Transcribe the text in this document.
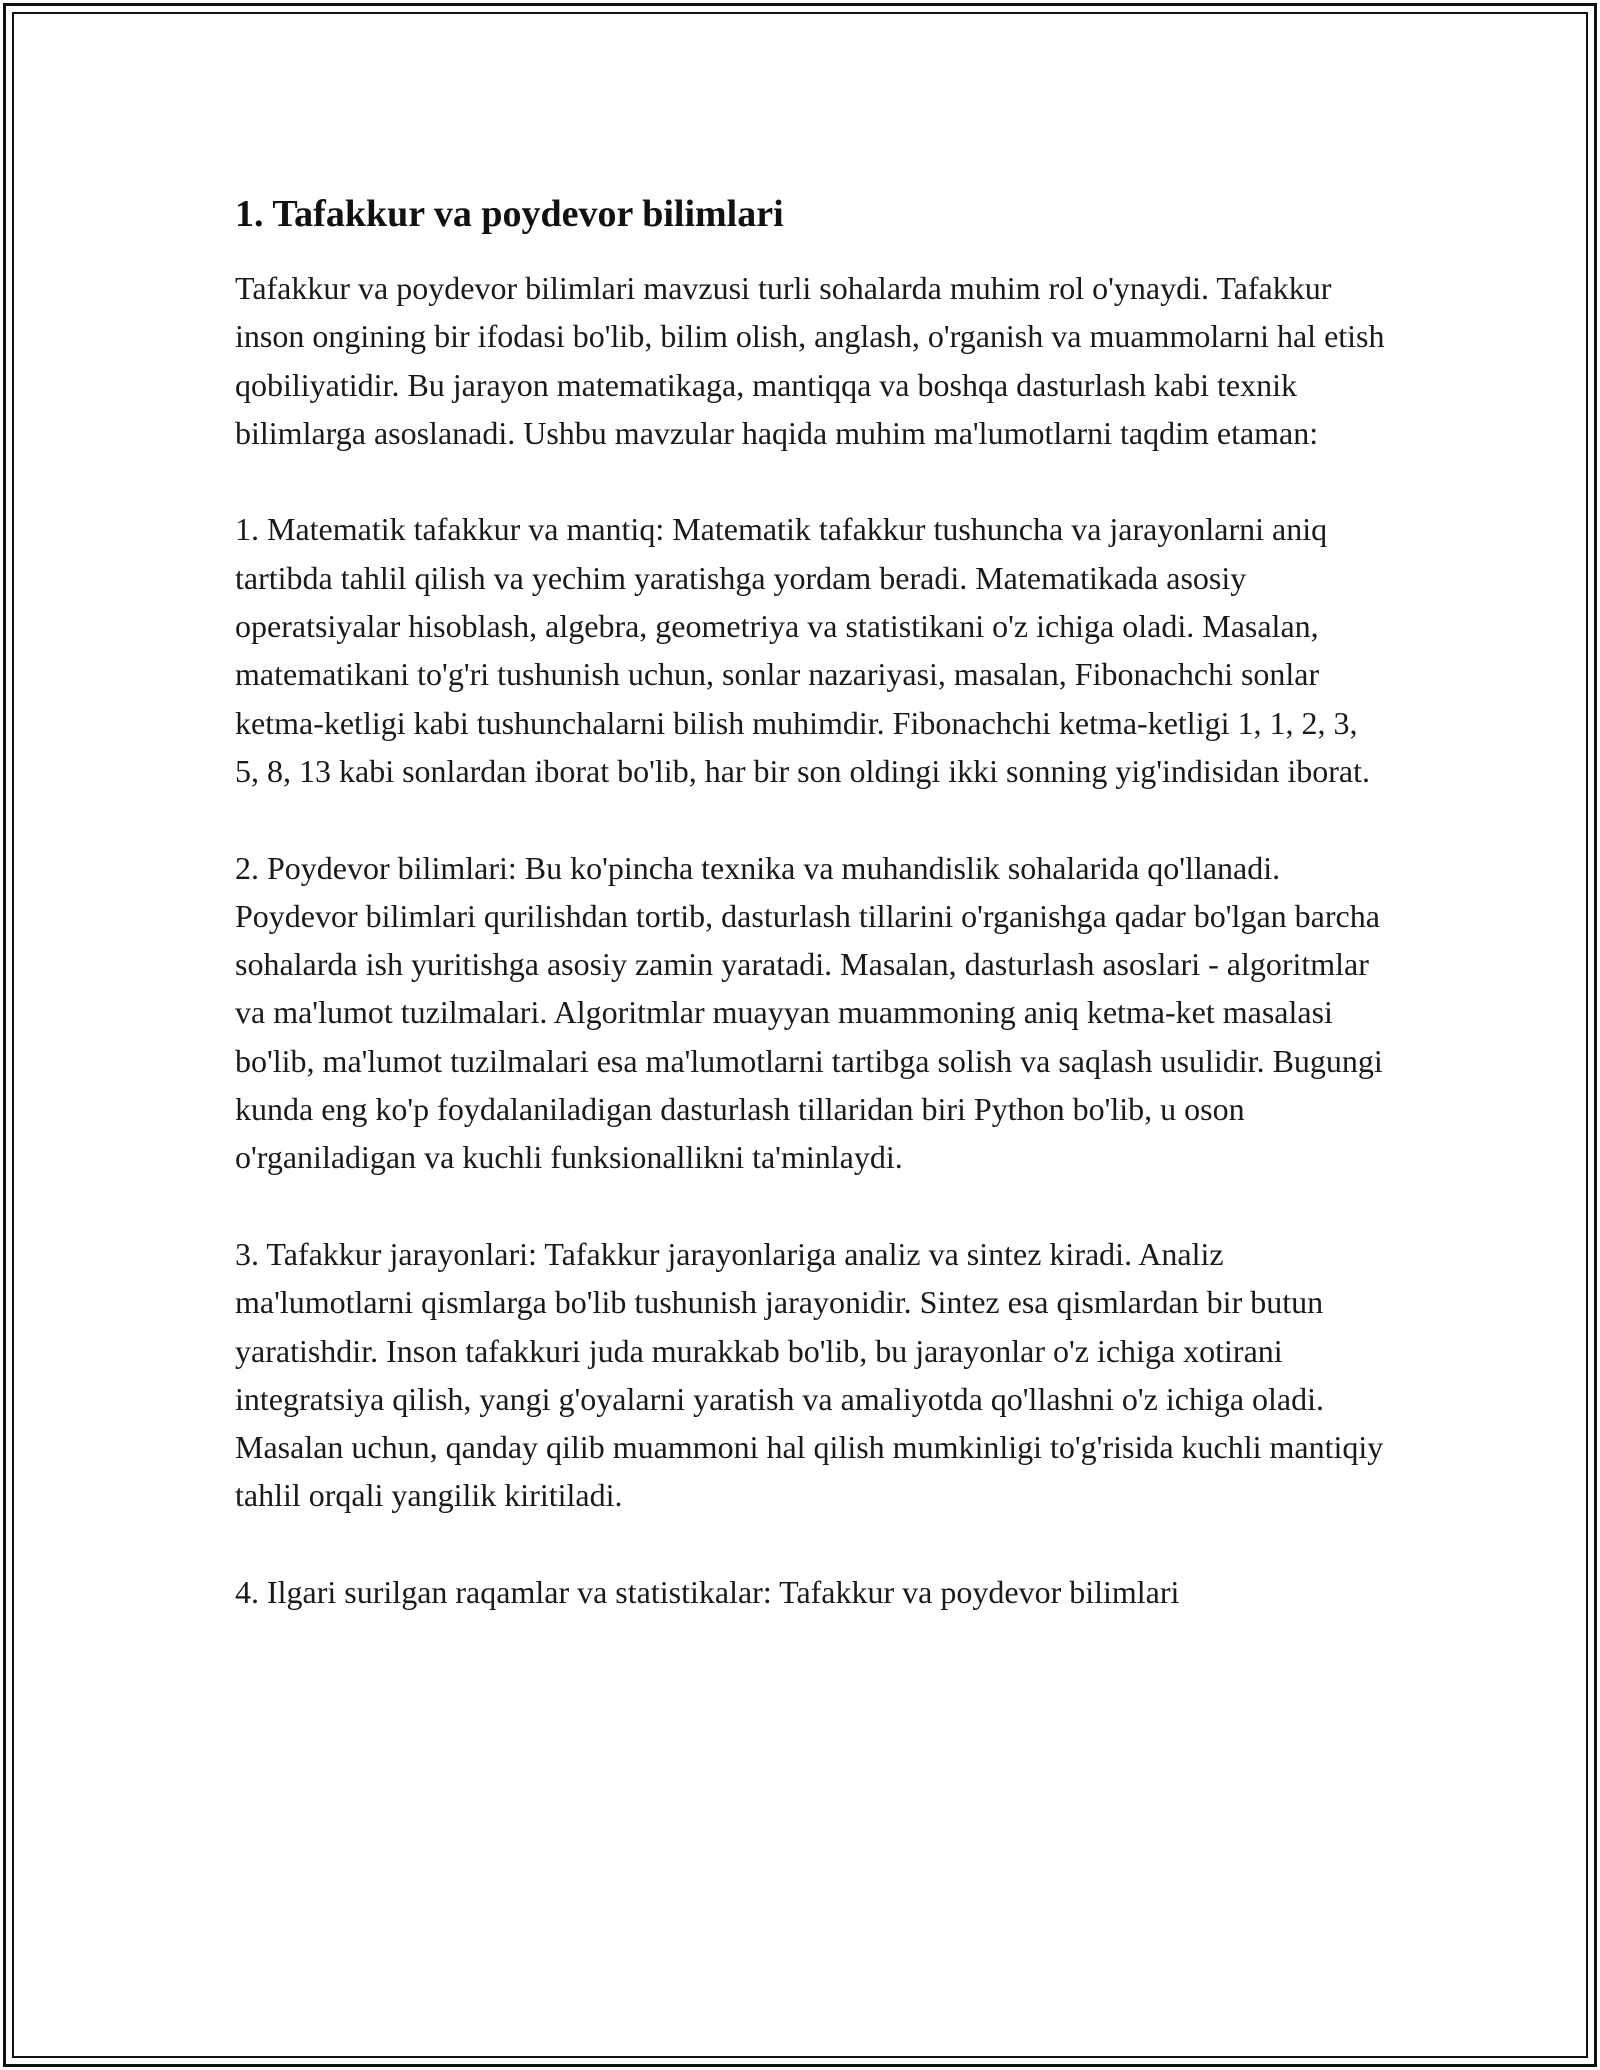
1. Tafakkur va poydevor bilimlari

Tafakkur va poydevor bilimlari mavzusi turli sohalarda muhim rol o'ynaydi. Tafakkur inson ongining bir ifodasi bo'lib, bilim olish, anglash, o'rganish va muammolarni hal etish qobiliyatidir. Bu jarayon matematikaga, mantiqqa va boshqa dasturlash kabi texnik bilimlarga asoslanadi. Ushbu mavzular haqida muhim ma'lumotlarni taqdim etaman:

1. Matematik tafakkur va mantiq: Matematik tafakkur tushuncha va jarayonlarni aniq tartibda tahlil qilish va yechim yaratishga yordam beradi. Matematikada asosiy operatsiyalar hisoblash, algebra, geometriya va statistikani o'z ichiga oladi. Masalan, matematikani to'g'ri tushunish uchun, sonlar nazariyasi, masalan, Fibonachchi sonlar ketma-ketligi kabi tushunchalarni bilish muhimdir. Fibonachchi ketma-ketligi 1, 1, 2, 3, 5, 8, 13 kabi sonlardan iborat bo'lib, har bir son oldingi ikki sonning yig'indisidan iborat.

2. Poydevor bilimlari: Bu ko'pincha texnika va muhandislik sohalarida qo'llanadi. Poydevor bilimlari qurilishdan tortib, dasturlash tillarini o'rganishga qadar bo'lgan barcha sohalarda ish yuritishga asosiy zamin yaratadi. Masalan, dasturlash asoslari - algoritmlar va ma'lumot tuzilmalari. Algoritmlar muayyan muammoning aniq ketma-ket masalasi bo'lib, ma'lumot tuzilmalari esa ma'lumotlarni tartibga solish va saqlash usulidir. Bugungi kunda eng ko'p foydalaniladigan dasturlash tillaridan biri Python bo'lib, u oson o'rganiladigan va kuchli funksionallikni ta'minlaydi.

3. Tafakkur jarayonlari: Tafakkur jarayonlariga analiz va sintez kiradi. Analiz ma'lumotlarni qismlarga bo'lib tushunish jarayonidir. Sintez esa qismlardan bir butun yaratishdir. Inson tafakkuri juda murakkab bo'lib, bu jarayonlar o'z ichiga xotirani integratsiya qilish, yangi g'oyalarni yaratish va amaliyotda qo'llashni o'z ichiga oladi. Masalan uchun, qanday qilib muammoni hal qilish mumkinligi to'g'risida kuchli mantiqiy tahlil orqali yangilik kiritiladi.

4. Ilgari surilgan raqamlar va statistikalar: Tafakkur va poydevor bilimlari
